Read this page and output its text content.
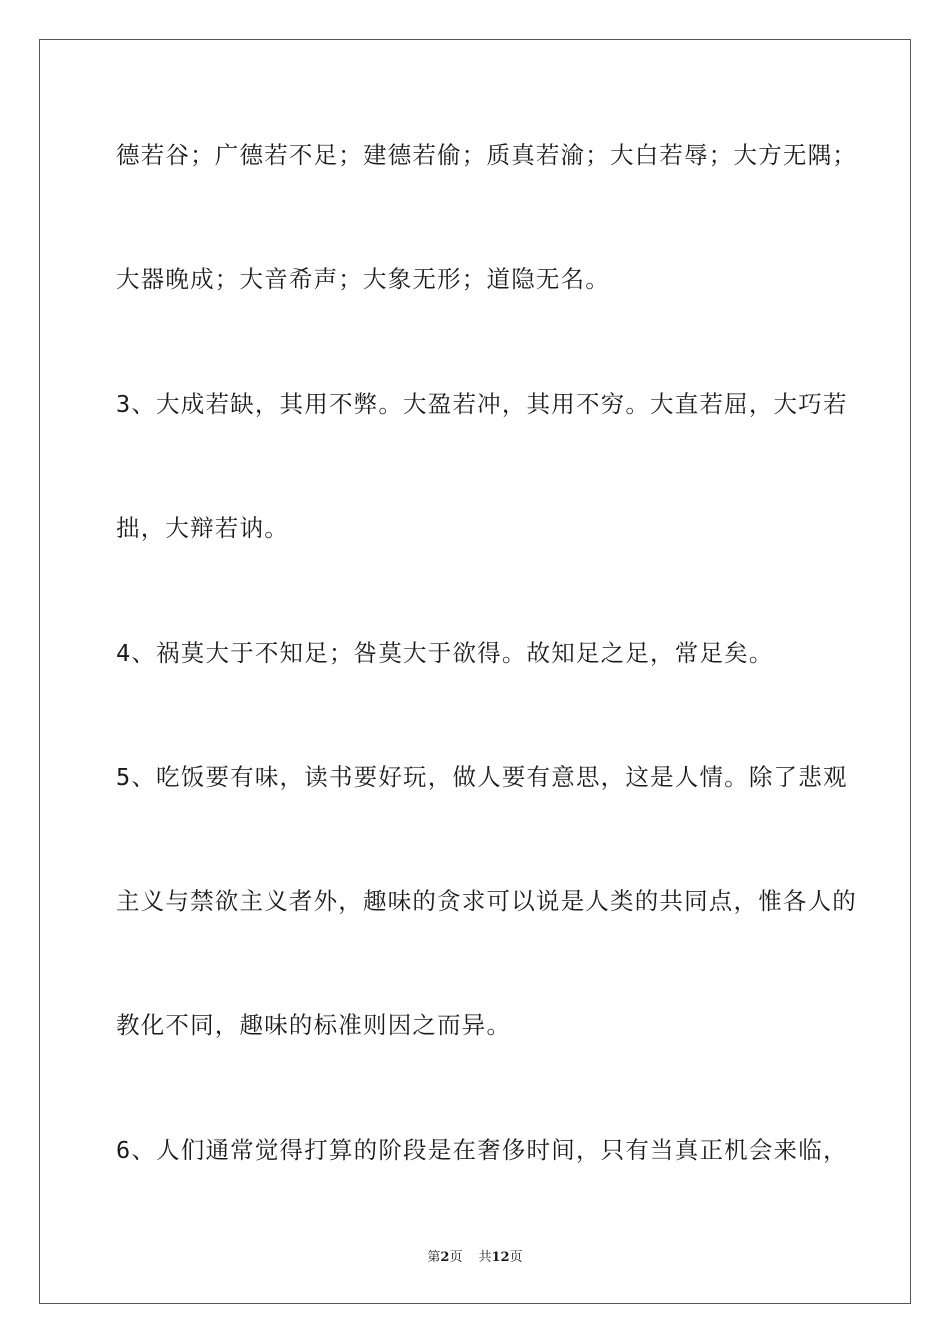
德若谷；广德若不足；建德若偷；质真若渝；大白若辱；大方无隅；
大器晚成；大音希声；大象无形；道隐无名。
3、大成若缺，其用不弊。大盈若冲，其用不穷。大直若屈，大巧若
拙，大辩若讷。
4、祸莫大于不知足；咎莫大于欲得。故知足之足，常足矣。
5、吃饭要有味，读书要好玩，做人要有意思，这是人情。除了悲观
主义与禁欲主义者外，趣味的贪求可以说是人类的共同点，惟各人的
教化不同，趣味的标准则因之而异。
6、人们通常觉得打算的阶段是在奢侈时间，只有当真正机会来临，
第2页 共12页
